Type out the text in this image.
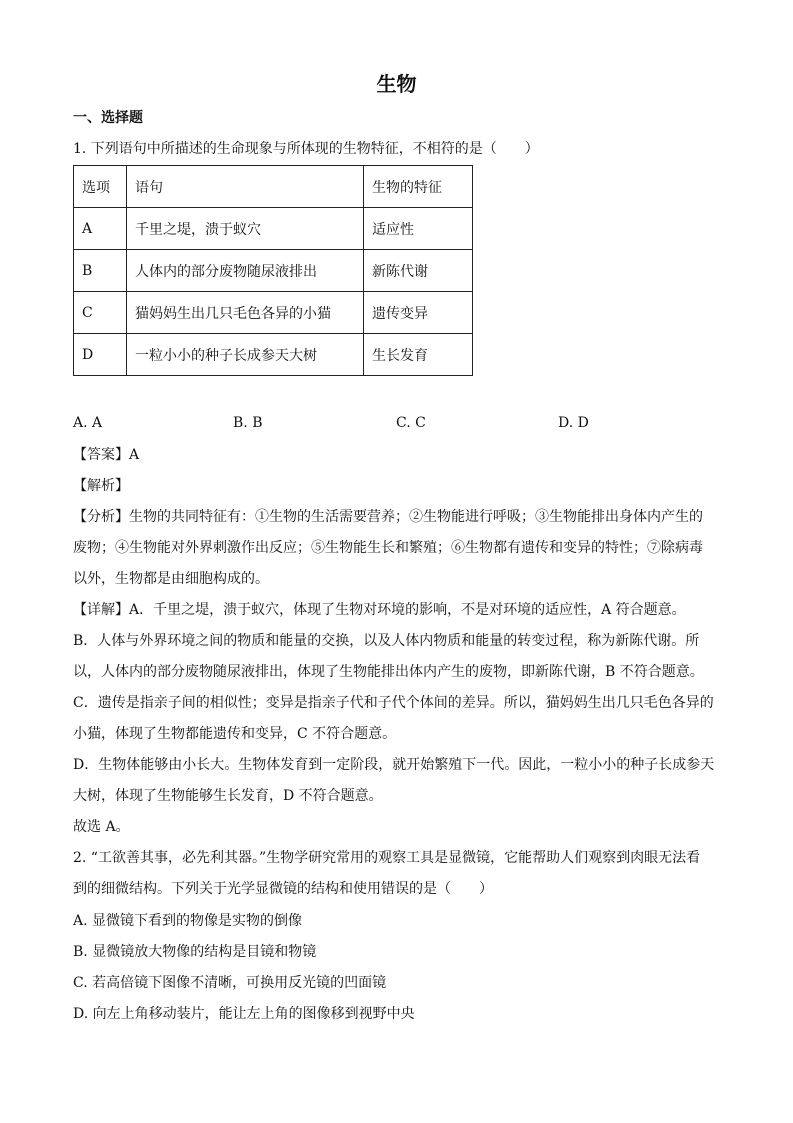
生物
一、选择题
1. 下列语句中所描述的生命现象与所体现的生物特征，不相符的是（　　）
选项	语句	生物的特征
A	千里之堤，溃于蚁穴	适应性
B	人体内的部分废物随尿液排出	新陈代谢
C	猫妈妈生出几只毛色各异的小猫	遗传变异
D	一粒小小的种子长成参天大树	生长发育
A. A	B. B	C. C	D. D
【答案】A
【解析】
【分析】生物的共同特征有：①生物的生活需要营养；②生物能进行呼吸；③生物能排出身体内产生的
废物；④生物能对外界刺激作出反应；⑤生物能生长和繁殖；⑥生物都有遗传和变异的特性；⑦除病毒
以外，生物都是由细胞构成的。
【详解】A．千里之堤，溃于蚁穴，体现了生物对环境的影响，不是对环境的适应性，A 符合题意。
B．人体与外界环境之间的物质和能量的交换，以及人体内物质和能量的转变过程，称为新陈代谢。所
以，人体内的部分废物随尿液排出，体现了生物能排出体内产生的废物，即新陈代谢，B 不符合题意。
C．遗传是指亲子间的相似性；变异是指亲子代和子代个体间的差异。所以，猫妈妈生出几只毛色各异的
小猫，体现了生物都能遗传和变异，C 不符合题意。
D．生物体能够由小长大。生物体发育到一定阶段，就开始繁殖下一代。因此，一粒小小的种子长成参天
大树，体现了生物能够生长发育，D 不符合题意。
故选 A。
2. “工欲善其事，必先利其器。”生物学研究常用的观察工具是显微镜，它能帮助人们观察到肉眼无法看
到的细微结构。下列关于光学显微镜的结构和使用错误的是（　　）
A. 显微镜下看到的物像是实物的倒像
B. 显微镜放大物像的结构是目镜和物镜
C. 若高倍镜下图像不清晰，可换用反光镜的凹面镜
D. 向左上角移动装片，能让左上角的图像移到视野中央
